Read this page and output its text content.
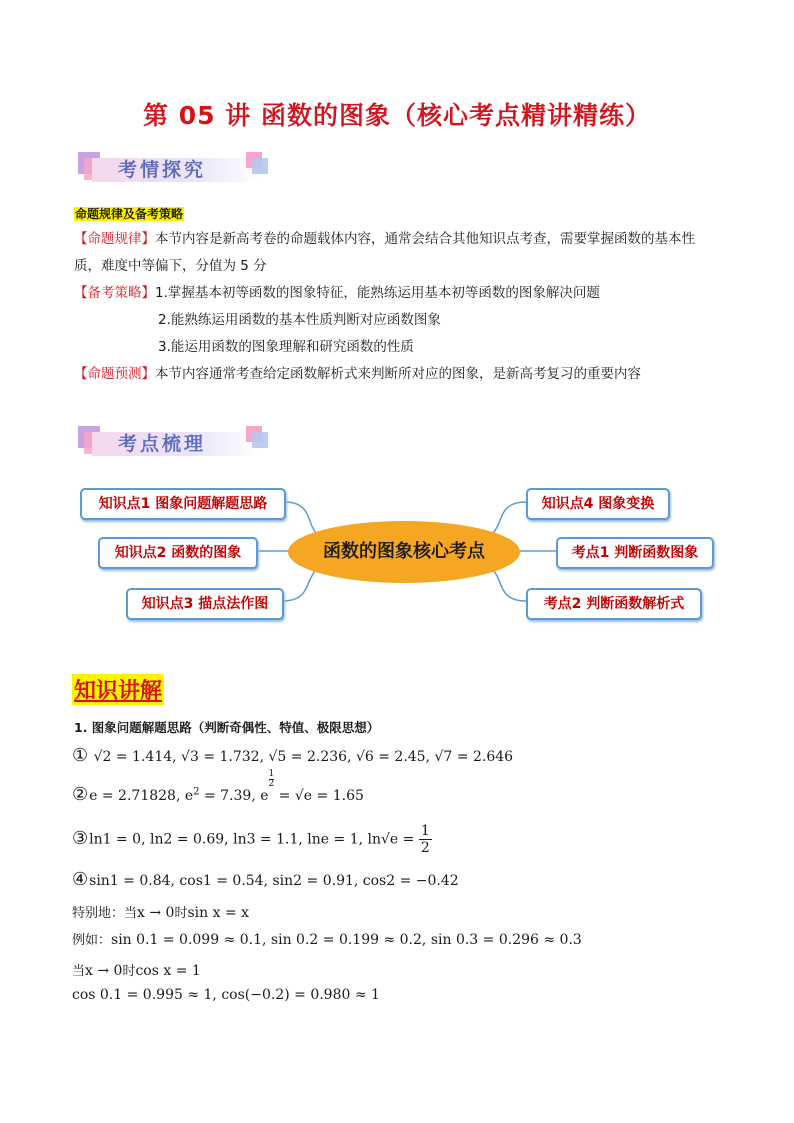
第 05 讲 函数的图象（核心考点精讲精练）
考情探究
命题规律及备考策略
【命题规律】本节内容是新高考卷的命题载体内容，通常会结合其他知识点考查，需要掌握函数的基本性
质，难度中等偏下，分值为 5 分
【备考策略】1.掌握基本初等函数的图象特征，能熟练运用基本初等函数的图象解决问题
2.能熟练运用函数的基本性质判断对应函数图象
3.能运用函数的图象理解和研究函数的性质
【命题预测】本节内容通常考查给定函数解析式来判断所对应的图象，是新高考复习的重要内容
考点梳理
函数的图象核心考点
知识点1 图象问题解题思路
知识点2 函数的图象
知识点3 描点法作图
知识点4 图象变换
考点1 判断函数图象
考点2 判断函数解析式
知识讲解
1. 图象问题解题思路（判断奇偶性、特值、极限思想）
① √2 = 1.414, √3 = 1.732, √5 = 2.236, √6 = 2.45, √7 = 2.646
②e = 2.71828, $e^2 = 7.39$, e
$\frac{1}{2}$
= √e = 1.65
③ln1 = 0, ln2 = 0.69, ln3 = 1.1, lne = 1, $\ln√e = \frac{1}{2}$
④sin1 = 0.84, cos1 = 0.54, sin2 = 0.91, cos2 = −0.42
特别地：当x → 0时sin x = x
例如：sin 0.1 = 0.099 ≈ 0.1, sin 0.2 = 0.199 ≈ 0.2, sin 0.3 = 0.296 ≈ 0.3
当x → 0时cos x = 1
cos 0.1 = 0.995 ≈ 1, cos(−0.2) = 0.980 ≈ 1
